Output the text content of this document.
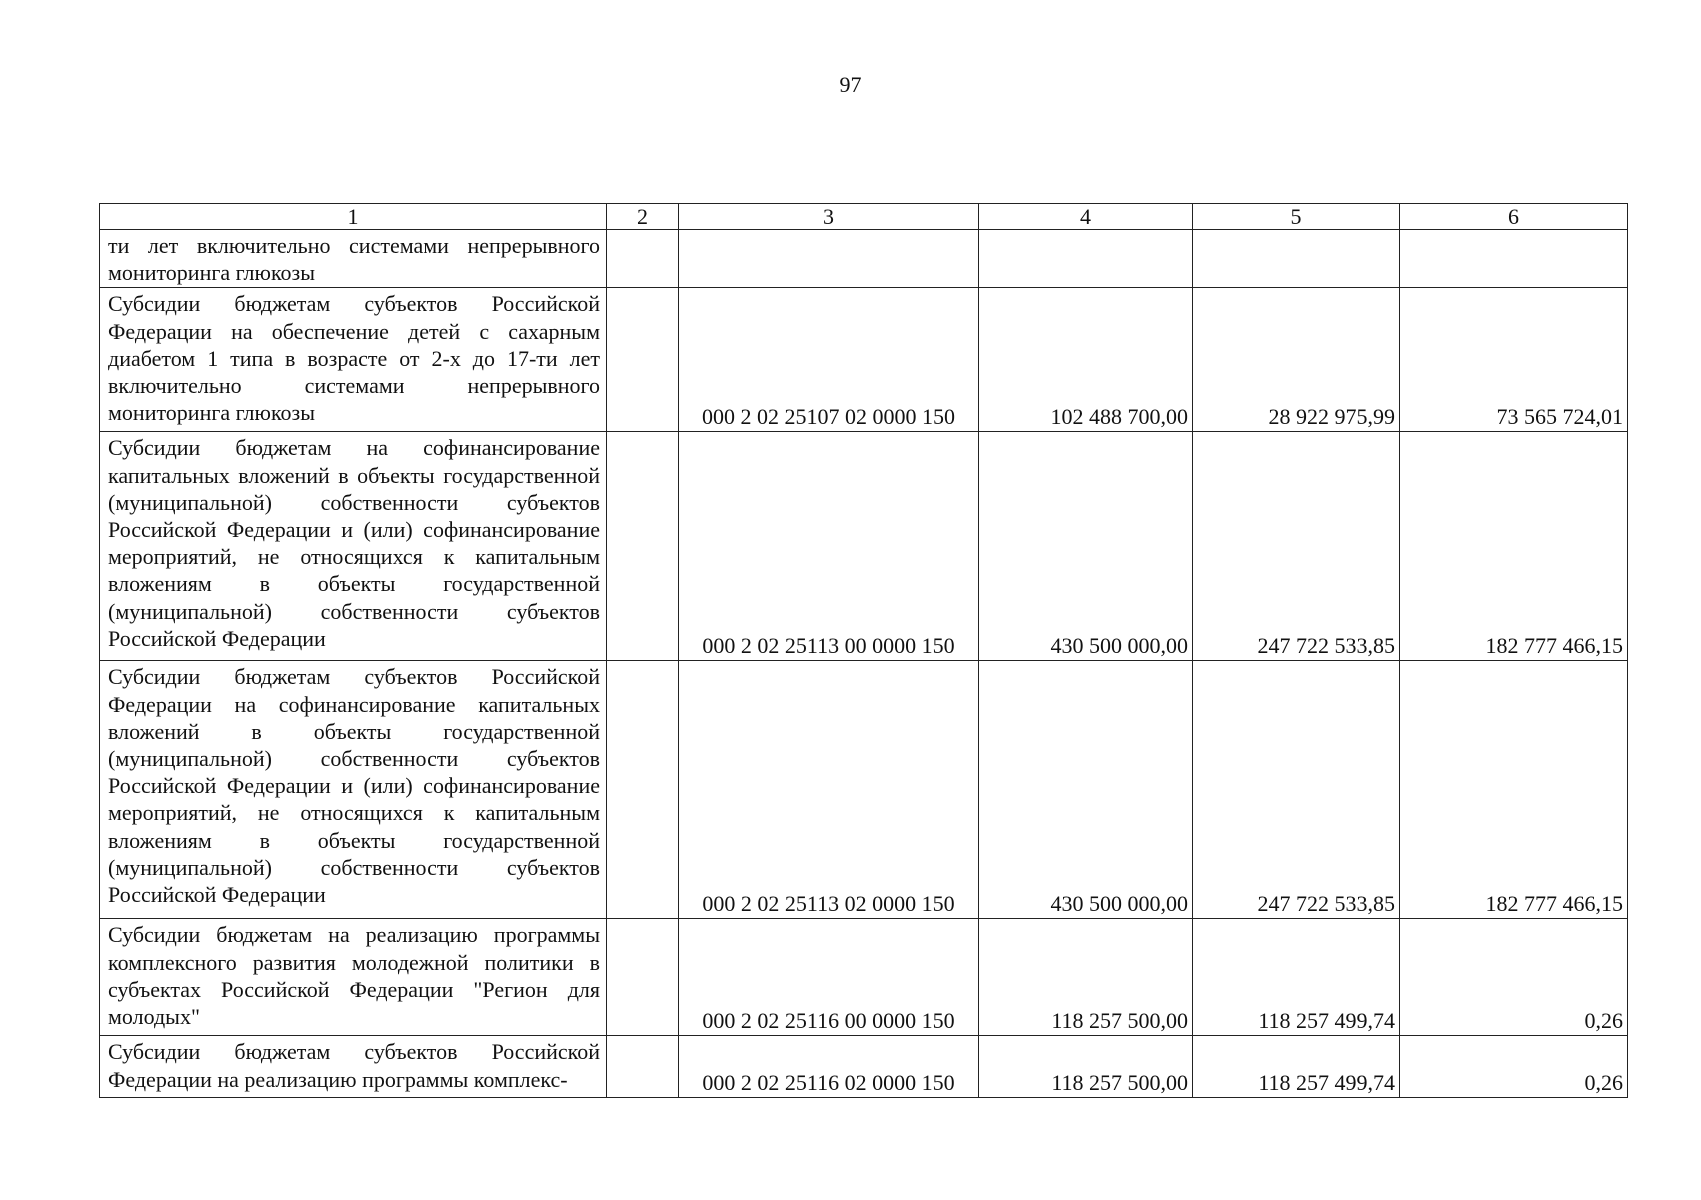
97
1	2	3	4	5	6
ти лет включительно системами непрерывного мониторинга глюкозы					
Субсидии бюджетам субъектов Российской Федерации на обеспечение детей с сахарным диабетом 1 типа в возрасте от 2-х до 17-ти лет включительно системами непрерывного мониторинга глюкозы		000 2 02 25107 02 0000 150	102 488 700,00	28 922 975,99	73 565 724,01
Субсидии бюджетам на софинансирование капитальных вложений в объекты государственной (муниципальной) собственности субъектов Российской Федерации и (или) софинансирование мероприятий, не относящихся к капитальным вложениям в объекты государственной (муниципальной) собственности субъектов Российской Федерации		000 2 02 25113 00 0000 150	430 500 000,00	247 722 533,85	182 777 466,15
Субсидии бюджетам субъектов Российской Федерации на софинансирование капитальных вложений в объекты государственной (муниципальной) собственности субъектов Российской Федерации и (или) софинансирование мероприятий, не относящихся к капитальным вложениям в объекты государственной (муниципальной) собственности субъектов Российской Федерации		000 2 02 25113 02 0000 150	430 500 000,00	247 722 533,85	182 777 466,15
Субсидии бюджетам на реализацию программы комплексного развития молодежной политики в субъектах Российской Федерации "Регион для молодых"		000 2 02 25116 00 0000 150	118 257 500,00	118 257 499,74	0,26
Субсидии бюджетам субъектов Российской Федерации на реализацию программы комплекс-		000 2 02 25116 02 0000 150	118 257 500,00	118 257 499,74	0,26
